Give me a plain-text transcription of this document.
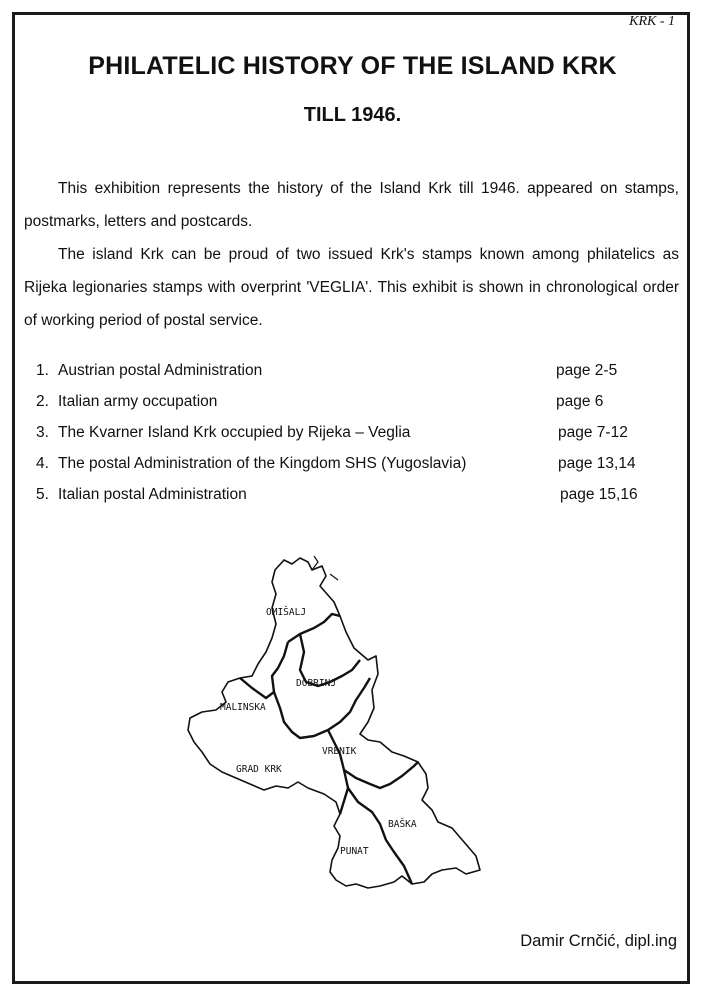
KRK - 1
PHILATELIC HISTORY OF THE ISLAND KRK
TILL 1946.

This exhibition represents the history of the Island Krk till 1946. appeared on stamps, postmarks, letters and postcards.

The island Krk can be proud of two issued Krk's stamps known among philatelics as Rijeka legionaries stamps with overprint 'VEGLIA'. This exhibit is shown in chronological order of working period of postal service.

1. Austrian postal Administration	page 2-5
2. Italian army occupation	page 6
3. The Kvarner Island Krk occupied by Rijeka – Veglia	page 7-12
4. The postal Administration of the Kingdom SHS (Yugoslavia)	page 13,14
5. Italian postal Administration	page 15,16
OMIŠALJ
DOBRINJ
MALINSKA
VRBNIK
GRAD KRK
BAŠKA
PUNAT
Damir Crnčić, dipl.ing
